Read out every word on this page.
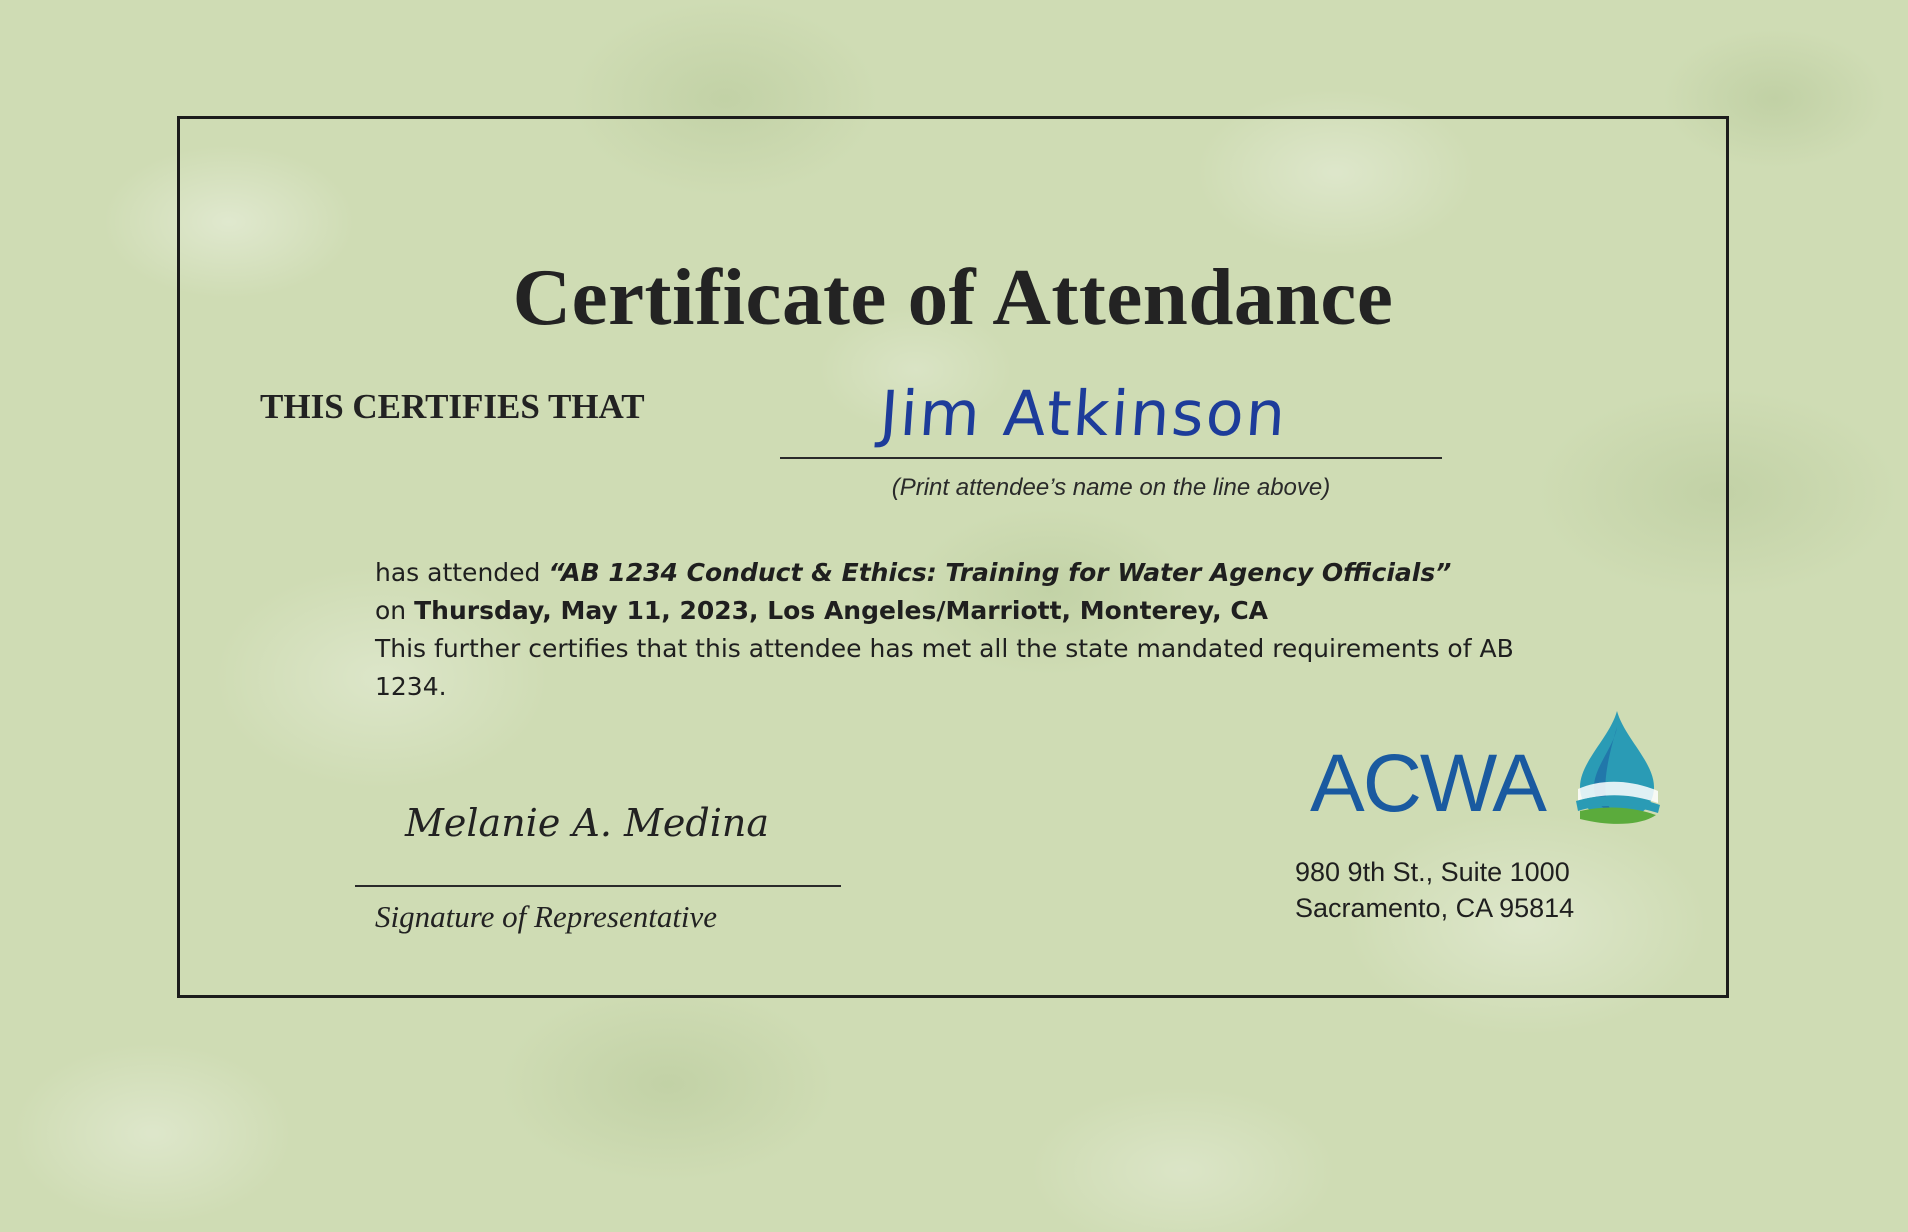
Certificate of Attendance
THIS CERTIFIES THAT	Jim Atkinson
(Print attendee’s name on the line above)
has attended “AB 1234 Conduct & Ethics: Training for Water Agency Officials”
on Thursday, May 11, 2023, Los Angeles/Marriott, Monterey, CA
This further certifies that this attendee has met all the state mandated requirements of AB 1234.
Melanie A. Medina
Signature of Representative
ACWA
980 9th St., Suite 1000
Sacramento, CA 95814
